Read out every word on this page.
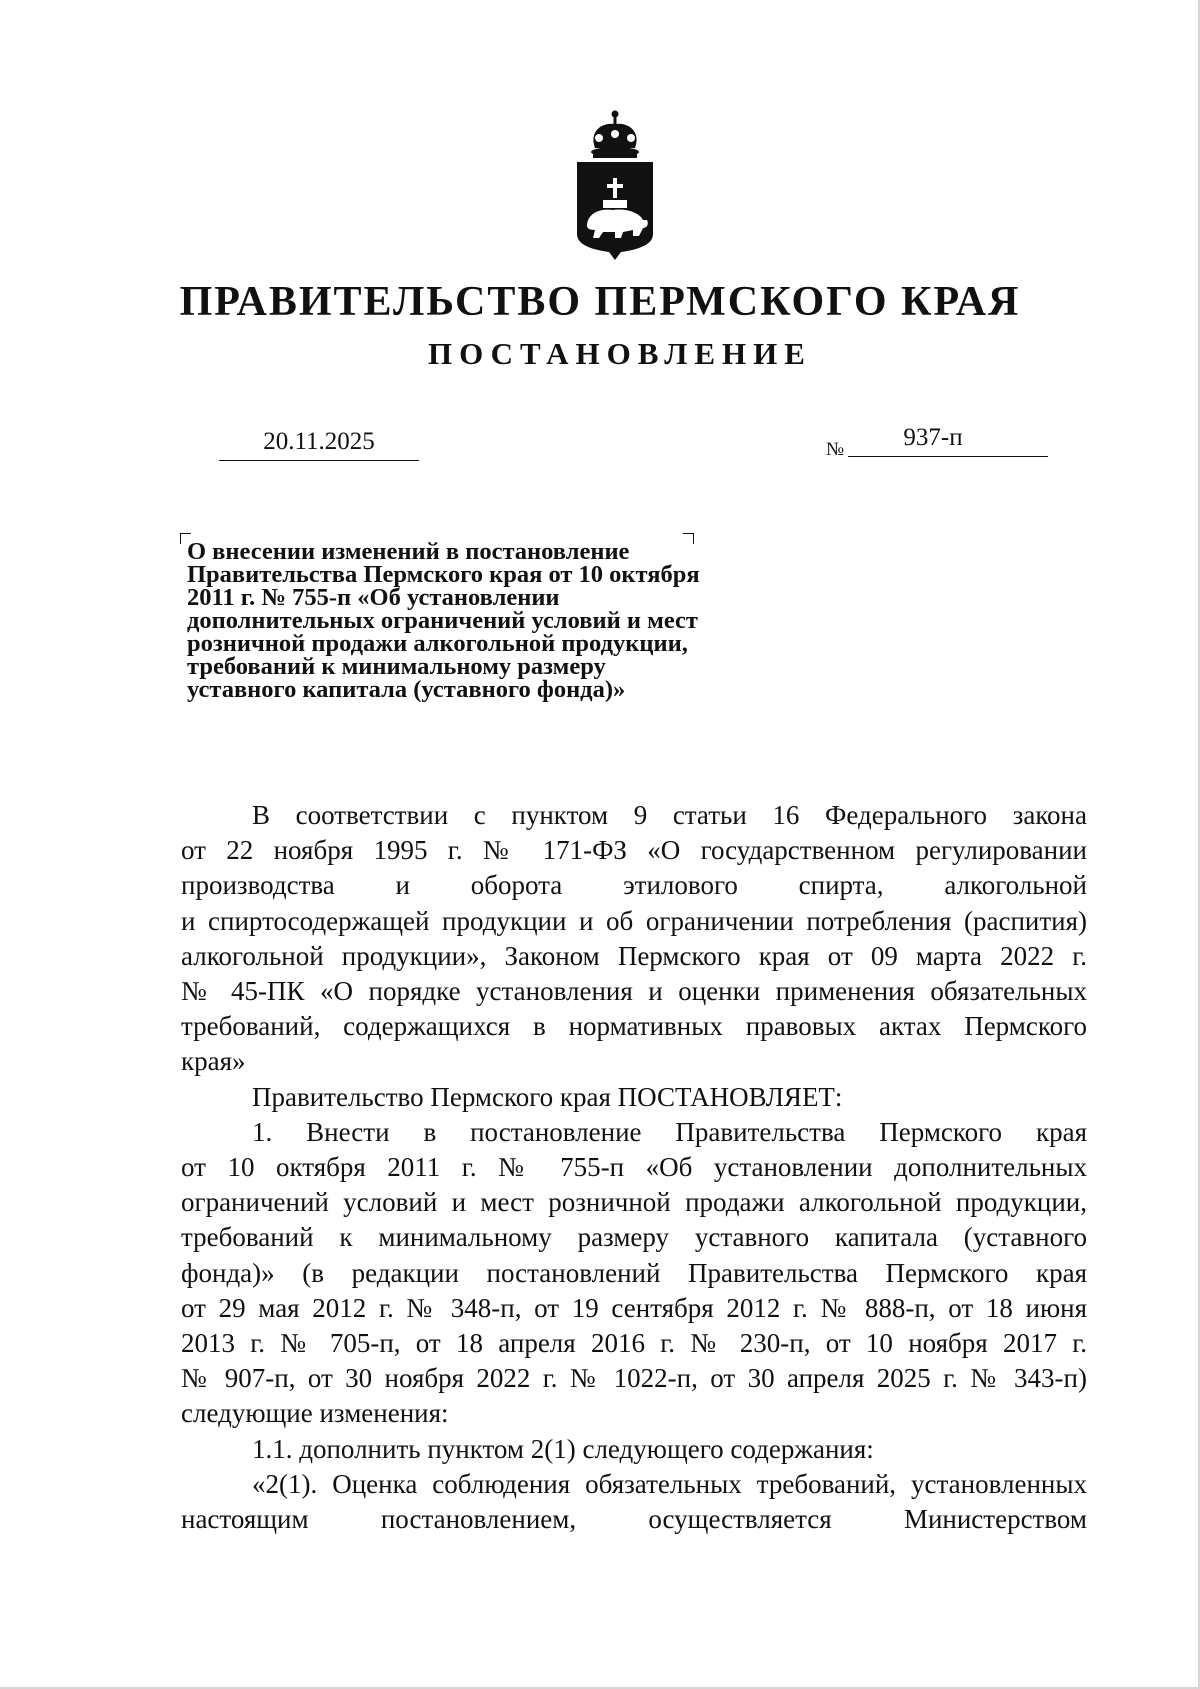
ПРАВИТЕЛЬСТВО ПЕРМСКОГО КРАЯ
ПОСТАНОВЛЕНИЕ
20.11.2025	№	937-п
О внесении изменений в постановление
Правительства Пермского края от 10 октября
2011 г. № 755-п «Об установлении
дополнительных ограничений условий и мест
розничной продажи алкогольной продукции,
требований к минимальному размеру
уставного капитала (уставного фонда)»
В соответствии с пунктом 9 статьи 16 Федерального закона
от 22 ноября 1995 г. № 171-ФЗ «О государственном регулировании
производства и оборота этилового спирта, алкогольной
и спиртосодержащей продукции и об ограничении потребления (распития)
алкогольной продукции», Законом Пермского края от 09 марта 2022 г.
№ 45-ПК «О порядке установления и оценки применения обязательных
требований, содержащихся в нормативных правовых актах Пермского
края»
Правительство Пермского края ПОСТАНОВЛЯЕТ:
1. Внести в постановление Правительства Пермского края
от 10 октября 2011 г. № 755-п «Об установлении дополнительных
ограничений условий и мест розничной продажи алкогольной продукции,
требований к минимальному размеру уставного капитала (уставного
фонда)» (в редакции постановлений Правительства Пермского края
от 29 мая 2012 г. № 348-п, от 19 сентября 2012 г. № 888-п, от 18 июня
2013 г. № 705-п, от 18 апреля 2016 г. № 230-п, от 10 ноября 2017 г.
№ 907-п, от 30 ноября 2022 г. № 1022-п, от 30 апреля 2025 г. № 343-п)
следующие изменения:
1.1. дополнить пунктом 2(1) следующего содержания:
«2(1). Оценка соблюдения обязательных требований, установленных
настоящим постановлением, осуществляется Министерством
